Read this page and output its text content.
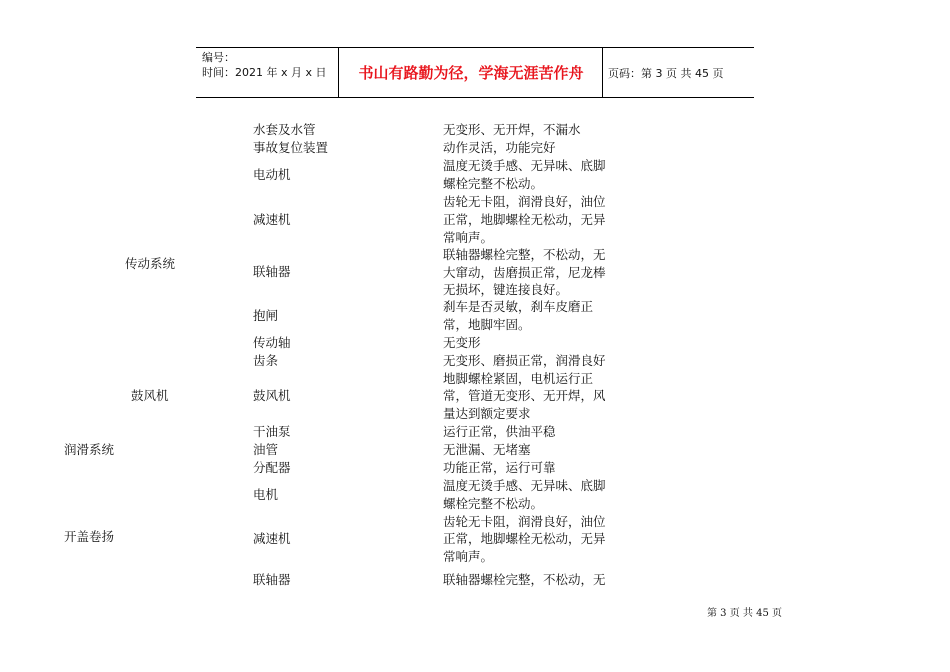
编号：
时间：2021 年 x 月 x 日	书山有路勤为径，学海无涯苦作舟	页码：第 3 页 共 45 页
传动系统
鼓风机
润滑系统
开盖卷扬
水套及水管
事故复位装置
电动机
减速机
联轴器
抱闸
传动轴
齿条
鼓风机
干油泵
油管
分配器
电机
减速机
联轴器
无变形、无开焊，不漏水
动作灵活，功能完好
温度无烫手感、无异味、底脚
螺栓完整不松动。
齿轮无卡阻，润滑良好，油位
正常，地脚螺栓无松动，无异
常响声。
联轴器螺栓完整，不松动，无
大窜动，齿磨损正常，尼龙棒
无损坏，键连接良好。
刹车是否灵敏，刹车皮磨正
常，地脚牢固。
无变形
无变形、磨损正常，润滑良好
地脚螺栓紧固，电机运行正
常，管道无变形、无开焊，风
量达到额定要求
运行正常，供油平稳
无泄漏、无堵塞
功能正常，运行可靠
温度无烫手感、无异味、底脚
螺栓完整不松动。
齿轮无卡阻，润滑良好，油位
正常，地脚螺栓无松动，无异
常响声。
联轴器螺栓完整，不松动，无
第 3 页 共 45 页
